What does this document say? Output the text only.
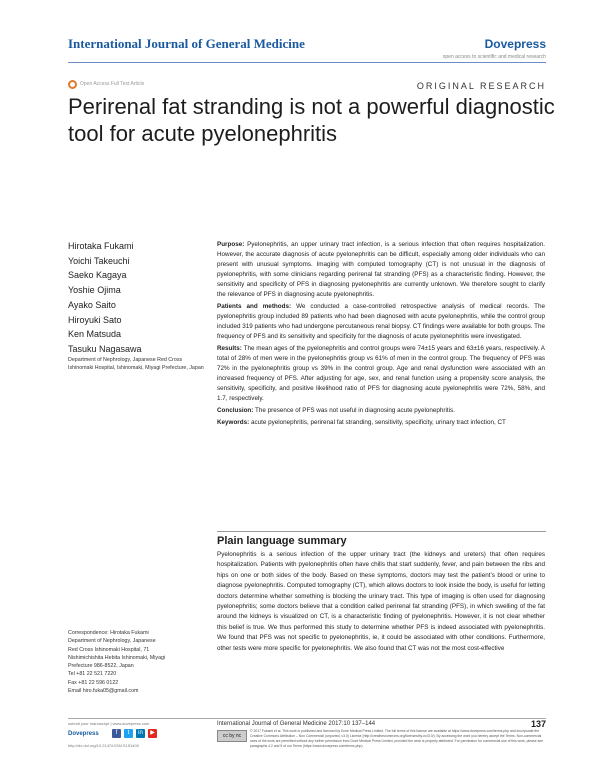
International Journal of General Medicine	Dovepress
open access to scientific and medical research
Open Access Full Text Article	ORIGINAL RESEARCH
Perirenal fat stranding is not a powerful diagnostic tool for acute pyelonephritis
Hirotaka Fukami
Yoichi Takeuchi
Saeko Kagaya
Yoshie Ojima
Ayako Saito
Hiroyuki Sato
Ken Matsuda
Tasuku Nagasawa
Department of Nephrology, Japanese Red Cross Ishinomaki Hospital, Ishinomaki, Miyagi Prefecture, Japan
Correspondence: Hirotaka Fukami
Department of Nephrology, Japanese
Red Cross Ishinomaki Hospital, 71
Nishimichishita Hebita Ishinomaki, Miyagi
Prefecture 986-8522, Japan
Tel +81 22 521 7220
Fax +81 22 596 0122
Email hiro.fuka05@gmail.com

Purpose: Pyelonephritis, an upper urinary tract infection, is a serious infection that often requires hospitalization. However, the accurate diagnosis of acute pyelonephritis can be difficult, especially among older individuals who can present with unusual symptoms. Imaging with computed tomography (CT) is not unusual in the diagnosis of pyelonephritis, with some clinicians regarding perirenal fat stranding (PFS) as a characteristic finding. However, the sensitivity and specificity of PFS in diagnosing pyelonephritis are currently unknown. We therefore sought to clarify the relevance of PFS in diagnosing acute pyelonephritis.

Patients and methods: We conducted a case-controlled retrospective analysis of medical records. The pyelonephritis group included 89 patients who had been diagnosed with acute pyelonephritis, while the control group included 319 patients who had undergone percutaneous renal biopsy. CT findings were available for both groups. The frequency of PFS and its sensitivity and specificity for the diagnosis of acute pyelonephritis were investigated.

Results: The mean ages of the pyelonephritis and control groups were 74±15 years and 63±16 years, respectively. A total of 28% of men were in the pyelonephritis group vs 61% of men in the control group. The frequency of PFS was 72% in the pyelonephritis group vs 39% in the control group. Age and renal dysfunction were associated with an increased frequency of PFS. After adjusting for age, sex, and renal function using a propensity score analysis, the sensitivity, specificity, and positive likelihood ratio of PFS for diagnosing acute pyelonephritis were 72%, 58%, and 1.7, respectively.

Conclusion: The presence of PFS was not useful in diagnosing acute pyelonephritis.

Keywords: acute pyelonephritis, perirenal fat stranding, sensitivity, specificity, urinary tract infection, CT

Plain language summary
Pyelonephritis is a serious infection of the upper urinary tract (the kidneys and ureters) that often requires hospitalization. Patients with pyelonephritis often have chills that start suddenly, fever, and pain between the ribs and hips on one or both sides of the body. Based on these symptoms, doctors may test the patient’s blood or urine to diagnose pyelonephritis. Computed tomography (CT), which allows doctors to look inside the body, is useful for letting doctors determine whether something is blocking the urinary tract. This type of imaging is often used for diagnosing pyelonephritis; some doctors believe that a condition called perirenal fat stranding (PFS), in which swelling of the fat around the kidneys is visualized on CT, is a characteristic finding of pyelonephritis. However, it is not clear whether this belief is true. We thus performed this study to determine whether PFS is indeed associated with pyelonephritis. We found that PFS was not specific to pyelonephritis, ie, it could be associated with other conditions. Furthermore, other tests were more specific for pyelonephritis. We also found that CT was not the most cost-effective
submit your manuscript | www.dovepress.com
Dovepress	f	t	in	▶
http://dx.doi.org/10.2147/IJGM.S151400
International Journal of General Medicine 2017:10 137–144	137
cc by nc
© 2017 Fukami et al. This work is published and licensed by Dove Medical Press Limited. The full terms of this license are available at https://www.dovepress.com/terms.php and incorporate the Creative Commons Attribution – Non Commercial (unported, v3.0) License (http://creativecommons.org/licenses/by-nc/3.0/). By accessing the work you hereby accept the Terms. Non-commercial uses of the work are permitted without any further permission from Dove Medical Press Limited, provided the work is properly attributed. For permission for commercial use of this work, please see paragraphs 4.2 and 5 of our Terms (https://www.dovepress.com/terms.php).
